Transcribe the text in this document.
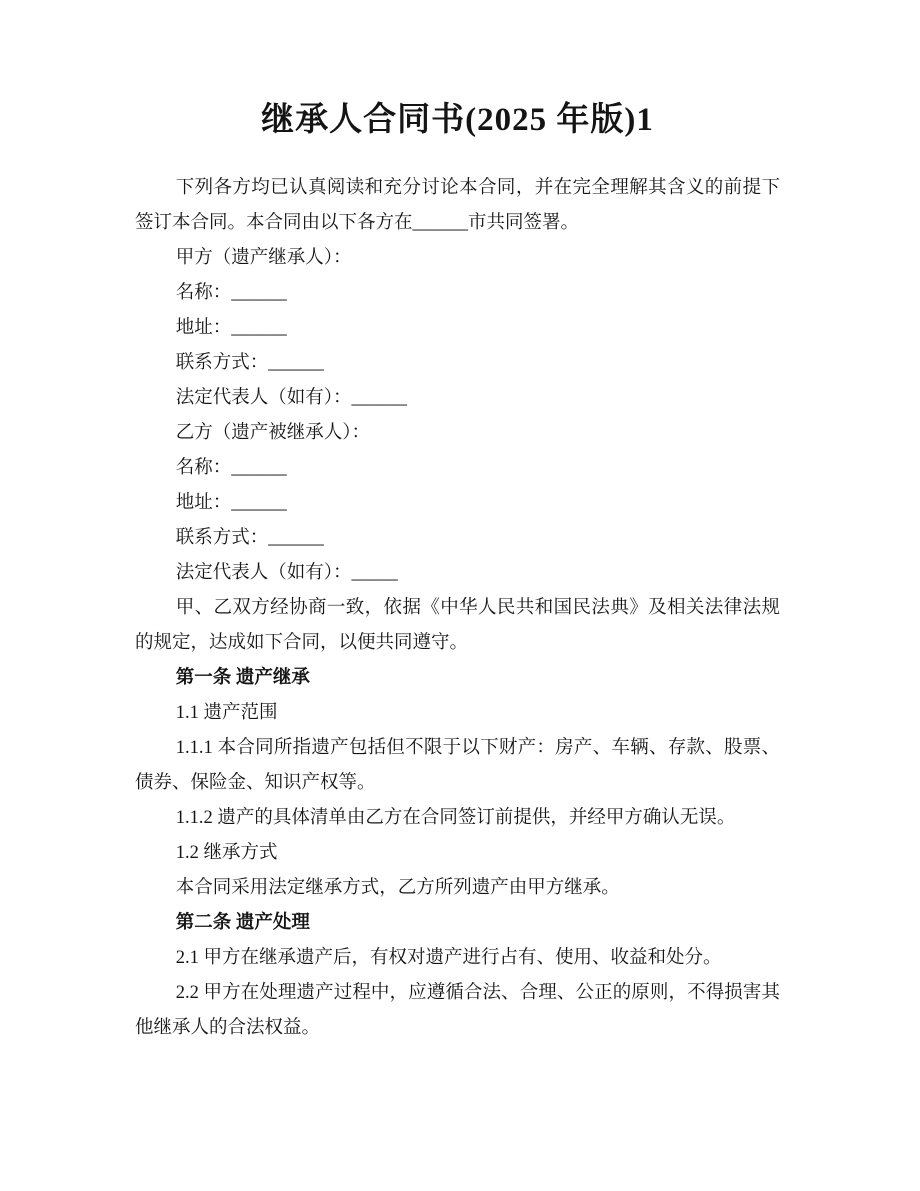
继承人合同书(2025 年版)1

下列各方均已认真阅读和充分讨论本合同，并在完全理解其含义的前提下签订本合同。本合同由以下各方在______市共同签署。

甲方（遗产继承人）：

名称：______

地址：______

联系方式：______

法定代表人（如有）：______

乙方（遗产被继承人）：

名称：______

地址：______

联系方式：______

法定代表人（如有）：_____

甲、乙双方经协商一致，依据《中华人民共和国民法典》及相关法律法规的规定，达成如下合同，以便共同遵守。

第一条 遗产继承

1.1 遗产范围

1.1.1 本合同所指遗产包括但不限于以下财产：房产、车辆、存款、股票、债券、保险金、知识产权等。

1.1.2 遗产的具体清单由乙方在合同签订前提供，并经甲方确认无误。

1.2 继承方式

本合同采用法定继承方式，乙方所列遗产由甲方继承。

第二条 遗产处理

2.1 甲方在继承遗产后，有权对遗产进行占有、使用、收益和处分。

2.2 甲方在处理遗产过程中，应遵循合法、合理、公正的原则，不得损害其他继承人的合法权益。
